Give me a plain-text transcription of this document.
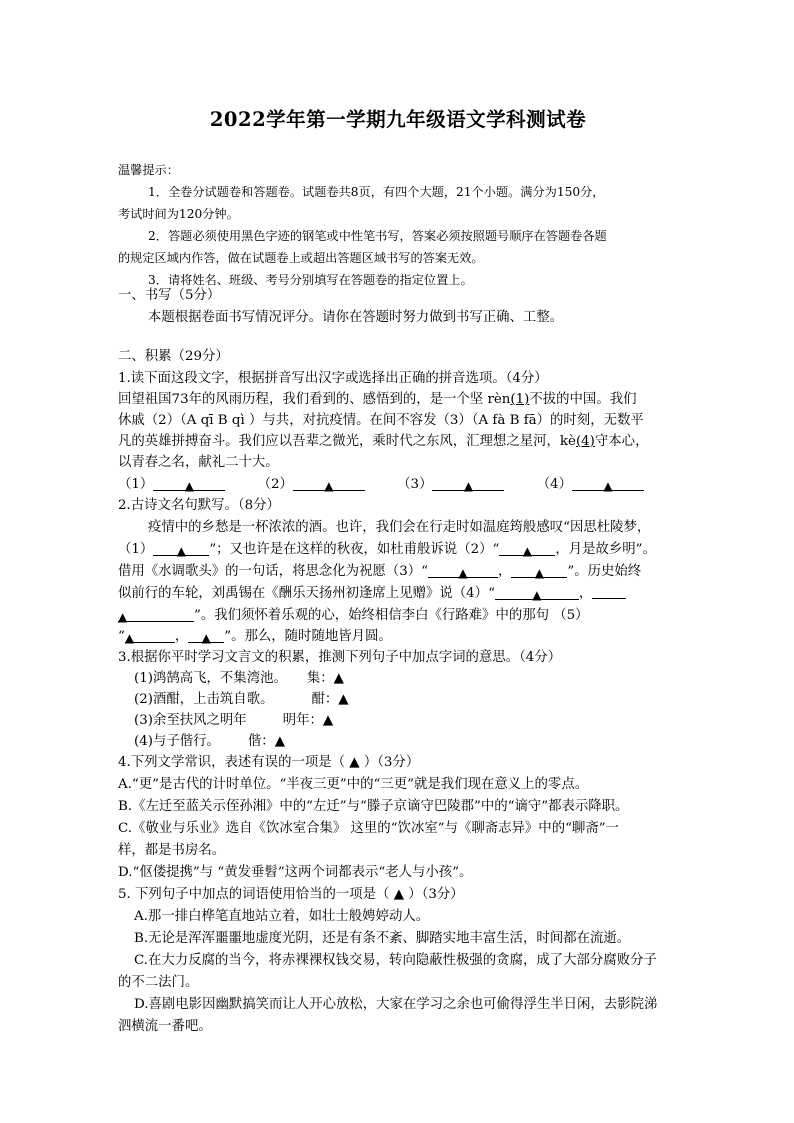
2022学年第一学期九年级语文学科测试卷
温馨提示：
1．全卷分试题卷和答题卷。试题卷共8页，有四个大题，21个小题。满分为150分，
考试时间为120分钟。
2．答题必须使用黑色字迹的钢笔或中性笔书写，答案必须按照题号顺序在答题卷各题
的规定区域内作答，做在试题卷上或超出答题区域书写的答案无效。
3．请将姓名、班级、考号分别填写在答题卷的指定位置上。
一、书写（5分）
本题根据卷面书写情况评分。请你在答题时努力做到书写正确、工整。
二、积累（29分）
1.读下面这段文字，根据拼音写出汉字或选择出正确的拼音选项。（4分）
回望祖国73年的风雨历程，我们看到的、感悟到的，是一个坚 rèn(1)不拔的中国。我们
休戚（2）（A qī B qì ）与共，对抗疫情。在间不容发（3）（A fà B fā）的时刻，无数平
凡的英雄拼搏奋斗。我们应以吾辈之微光，乘时代之东风，汇理想之星河，kè(4)守本心，
以青春之名，献礼二十大。
（1）	▲	（2）	▲	（3）	▲	（4）	▲
2.古诗文名句默写。（8分）
疫情中的乡愁是一杯浓浓的酒。也许，我们会在行走时如温庭筠般感叹“因思杜陵梦，
（1） ▲ ”；又也许是在这样的秋夜，如杜甫般诉说（2）“ ▲ ，月是故乡明”。
借用《水调歌头》的一句话，将思念化为祝愿（3）“	▲ ， ▲ ”。历史始终
似前行的车轮，刘禹锡在《酬乐天扬州初逢席上见赠》说（4）“	▲	，
▲	”。我们须怀着乐观的心，始终相信李白《行路难》中的那句 （5）
“▲	， ▲ ”。那么，随时随地皆月圆。
3.根据你平时学习文言文的积累，推测下列句子中加点字词的意思。（4分）
(1)鸿鹄高飞，不集湾池。 集：▲
(2)酒酣，上击筑自歌。	酣：▲
(3)余至扶风之明年	明年：▲
(4)与子偕行。 偕：▲
4.下列文学常识，表述有误的一项是（ ▲ ）（3分）
A.“更”是古代的计时单位。“半夜三更”中的“三更”就是我们现在意义上的零点。
B.《左迁至蓝关示侄孙湘》中的“左迁”与“滕子京谪守巴陵郡”中的“谪守”都表示降职。
C.《敬业与乐业》选自《饮冰室合集》 这里的“饮冰室”与《聊斋志异》中的“聊斋”一
样，都是书房名。
D.“伛偻提携”与 “黄发垂髫”这两个词都表示“老人与小孩”。
5. 下列句子中加点的词语使用恰当的一项是（ ▲ ）（3分）
A.那一排白桦笔直地站立着，如壮士般娉婷动人。
B.无论是浑浑噩噩地虚度光阴，还是有条不紊、脚踏实地丰富生活，时间都在流逝。
C.在大力反腐的当今，将赤裸裸权钱交易，转向隐蔽性极强的贪腐，成了大部分腐败分子
的不二法门。
D.喜剧电影因幽默搞笑而让人开心放松，大家在学习之余也可偷得浮生半日闲，去影院涕
泗横流一番吧。
